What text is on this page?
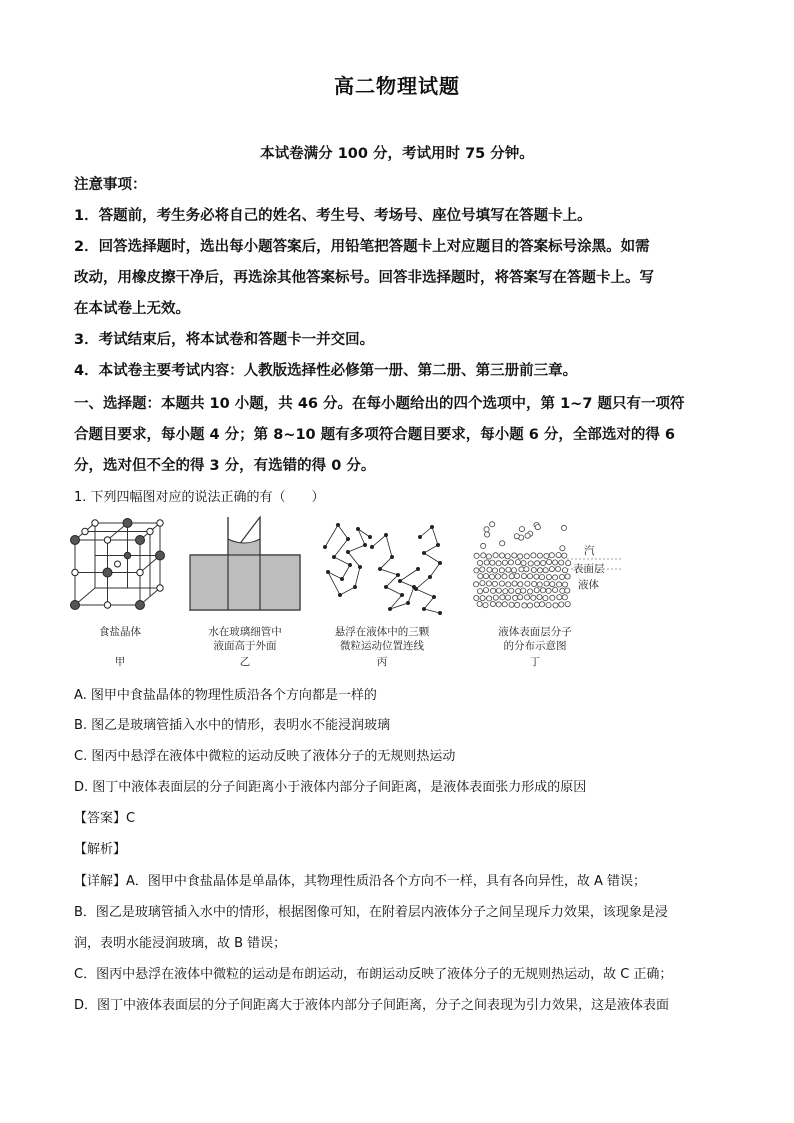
高二物理试题
本试卷满分 100 分，考试用时 75 分钟。
注意事项：
1．答题前，考生务必将自己的姓名、考生号、考场号、座位号填写在答题卡上。
2．回答选择题时，选出每小题答案后，用铅笔把答题卡上对应题目的答案标号涂黑。如需
改动，用橡皮擦干净后，再选涂其他答案标号。回答非选择题时，将答案写在答题卡上。写
在本试卷上无效。
3．考试结束后，将本试卷和答题卡一并交回。
4．本试卷主要考试内容：人教版选择性必修第一册、第二册、第三册前三章。
一、选择题：本题共 10 小题，共 46 分。在每小题给出的四个选项中，第 1~7 题只有一项符
合题目要求，每小题 4 分；第 8~10 题有多项符合题目要求，每小题 6 分，全部选对的得 6
分，选对但不全的得 3 分，有选错的得 0 分。
1. 下列四幅图对应的说法正确的有（　　）
食盐晶体
甲
水在玻璃细管中
液面高于外面
乙
悬浮在液体中的三颗
微粒运动位置连线
丙
汽
表面层
液体
液体表面层分子
的分布示意图
丁
A. 图甲中食盐晶体的物理性质沿各个方向都是一样的
B. 图乙是玻璃管插入水中的情形，表明水不能浸润玻璃
C. 图丙中悬浮在液体中微粒的运动反映了液体分子的无规则热运动
D. 图丁中液体表面层的分子间距离小于液体内部分子间距离，是液体表面张力形成的原因
【答案】C
【解析】
【详解】A．图甲中食盐晶体是单晶体，其物理性质沿各个方向不一样，具有各向异性，故 A 错误；
B．图乙是玻璃管插入水中的情形，根据图像可知，在附着层内液体分子之间呈现斥力效果，该现象是浸
润，表明水能浸润玻璃，故 B 错误；
C．图丙中悬浮在液体中微粒的运动是布朗运动，布朗运动反映了液体分子的无规则热运动，故 C 正确；
D．图丁中液体表面层的分子间距离大于液体内部分子间距离，分子之间表现为引力效果，这是液体表面
